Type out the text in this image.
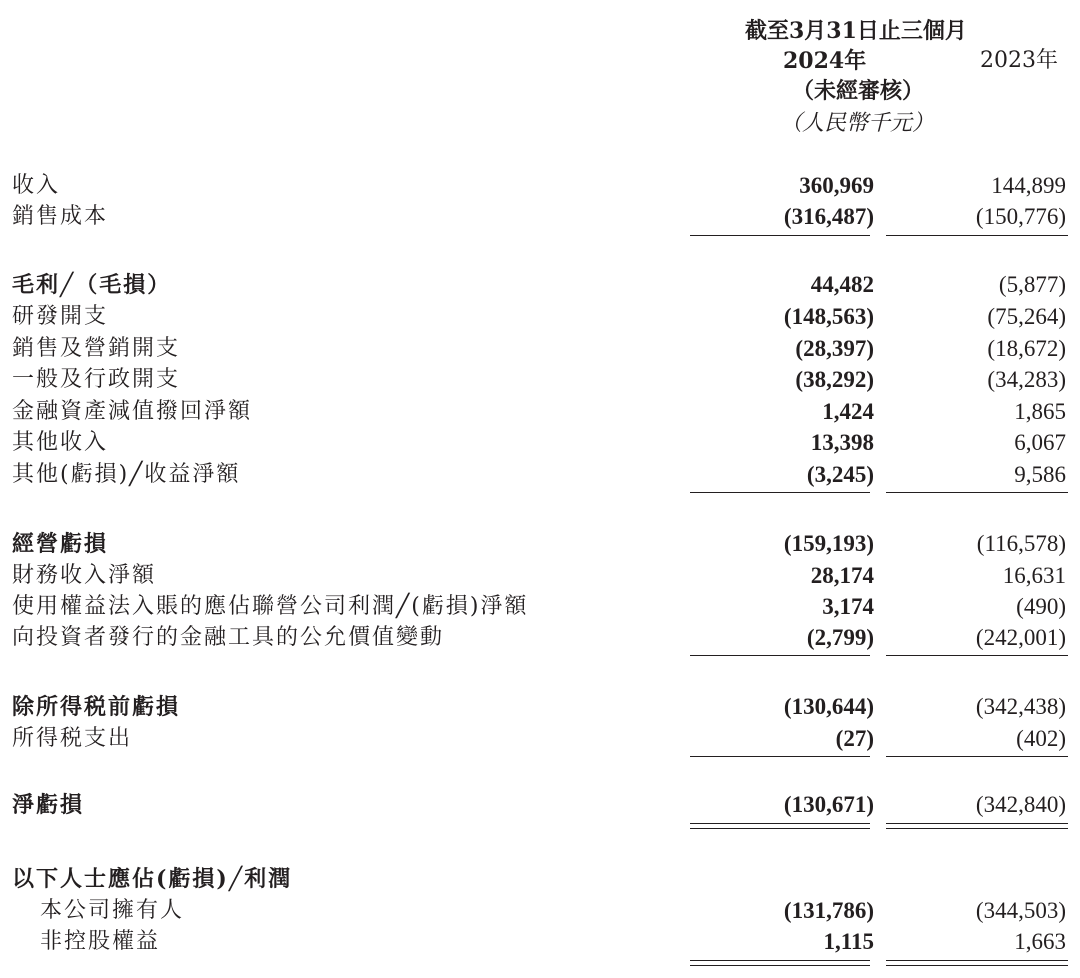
截至3月31日止三個月
2024年	2023年
（未經審核）
（人民幣千元）
收入	360,969	144,899
銷售成本	(316,487)	(150,776)
毛利╱（毛損）	44,482	(5,877)
研發開支	(148,563)	(75,264)
銷售及營銷開支	(28,397)	(18,672)
一般及行政開支	(38,292)	(34,283)
金融資產減值撥回淨額	1,424	1,865
其他收入	13,398	6,067
其他(虧損)╱收益淨額	(3,245)	9,586
經營虧損	(159,193)	(116,578)
財務收入淨額	28,174	16,631
使用權益法入賬的應佔聯營公司利潤╱(虧損)淨額	3,174	(490)
向投資者發行的金融工具的公允價值變動	(2,799)	(242,001)
除所得税前虧損	(130,644)	(342,438)
所得税支出	(27)	(402)
淨虧損	(130,671)	(342,840)
以下人士應佔(虧損)╱利潤
本公司擁有人	(131,786)	(344,503)
非控股權益	1,115	1,663
